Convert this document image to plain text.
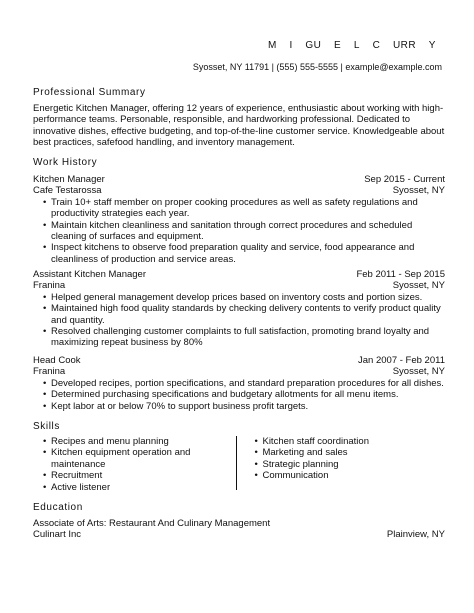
M I GU E L C URR Y
Syosset, NY 11791 | (555) 555-5555 | example@example.com
Professional Summary

Energetic Kitchen Manager, offering 12 years of experience, enthusiastic about working with high-performance teams. Personable, responsible, and hardworking professional. Dedicated to innovative dishes, effective budgeting, and top-of-the-line customer service. Knowledgeable about best practices, safefood handling, and inventory management.

Work History
Kitchen Manager	Sep 2015 - Current
Cafe Testarossa	Syosset, NY
• Train 10+ staff member on proper cooking procedures as well as safety regulations and productivity strategies each year.
• Maintain kitchen cleanliness and sanitation through correct procedures and scheduled cleaning of surfaces and equipment.
• Inspect kitchens to observe food preparation quality and service, food appearance and cleanliness of production and service areas.
Assistant Kitchen Manager	Feb 2011 - Sep 2015
Franina	Syosset, NY
• Helped general management develop prices based on inventory costs and portion sizes.
• Maintained high food quality standards by checking delivery contents to verify product quality and quantity.
• Resolved challenging customer complaints to full satisfaction, promoting brand loyalty and maximizing repeat business by 80%
Head Cook	Jan 2007 - Feb 2011
Franina	Syosset, NY
• Developed recipes, portion specifications, and standard preparation procedures for all dishes.
• Determined purchasing specifications and budgetary allotments for all menu items.
• Kept labor at or below 70% to support business profit targets.
Skills
• Recipes and menu planning
• Kitchen equipment operation and maintenance
• Recruitment
• Active listener
• Kitchen staff coordination
• Marketing and sales
• Strategic planning
• Communication
Education
Associate of Arts: Restaurant And Culinary Management
Culinart Inc	Plainview, NY
